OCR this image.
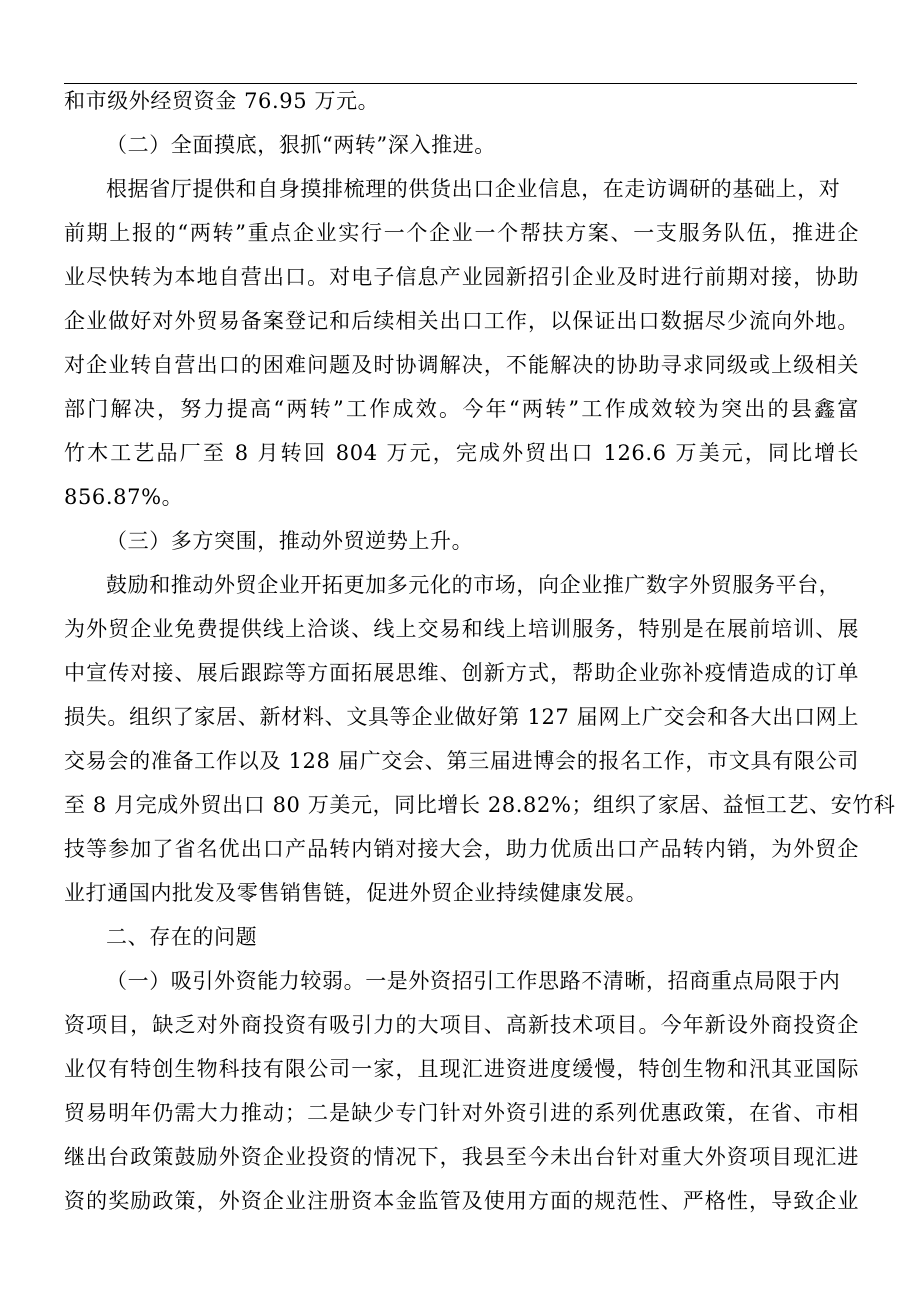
和市级外经贸资金 76.95 万元。
（二）全面摸底，狠抓“两转”深入推进。
根据省厅提供和自身摸排梳理的供货出口企业信息，在走访调研的基础上，对
前期上报的“两转”重点企业实行一个企业一个帮扶方案、一支服务队伍，推进企
业尽快转为本地自营出口。对电子信息产业园新招引企业及时进行前期对接，协助
企业做好对外贸易备案登记和后续相关出口工作，以保证出口数据尽少流向外地。
对企业转自营出口的困难问题及时协调解决，不能解决的协助寻求同级或上级相关
部门解决，努力提高“两转”工作成效。今年“两转”工作成效较为突出的县鑫富
竹木工艺品厂至 8 月转回 804 万元，完成外贸出口 126.6 万美元，同比增长
856.87%。
（三）多方突围，推动外贸逆势上升。
鼓励和推动外贸企业开拓更加多元化的市场，向企业推广数字外贸服务平台，
为外贸企业免费提供线上洽谈、线上交易和线上培训服务，特别是在展前培训、展
中宣传对接、展后跟踪等方面拓展思维、创新方式，帮助企业弥补疫情造成的订单
损失。组织了家居、新材料、文具等企业做好第 127 届网上广交会和各大出口网上
交易会的准备工作以及 128 届广交会、第三届进博会的报名工作，市文具有限公司
至 8 月完成外贸出口 80 万美元，同比增长 28.82%；组织了家居、益恒工艺、安竹科
技等参加了省名优出口产品转内销对接大会，助力优质出口产品转内销，为外贸企
业打通国内批发及零售销售链，促进外贸企业持续健康发展。
二、存在的问题
（一）吸引外资能力较弱。一是外资招引工作思路不清晰，招商重点局限于内
资项目，缺乏对外商投资有吸引力的大项目、高新技术项目。今年新设外商投资企
业仅有特创生物科技有限公司一家，且现汇进资进度缓慢，特创生物和汛其亚国际
贸易明年仍需大力推动；二是缺少专门针对外资引进的系列优惠政策，在省、市相
继出台政策鼓励外资企业投资的情况下，我县至今未出台针对重大外资项目现汇进
资的奖励政策，外资企业注册资本金监管及使用方面的规范性、严格性，导致企业
